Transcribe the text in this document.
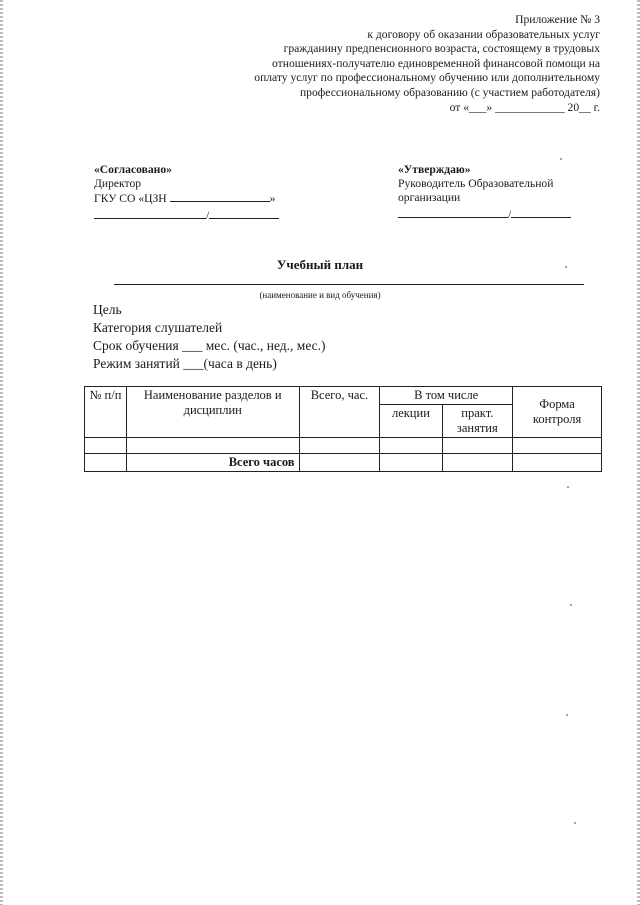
Приложение № 3
к договору об оказании образовательных услуг
гражданину предпенсионного возраста, состоящему в трудовых
отношениях-получателю единовременной финансовой помощи на
оплату услуг по профессиональному обучению или дополнительному
профессиональному образованию (с участием работодателя)
от «___» ____________ 20__ г.
«Согласовано»
Директор
ГКУ СО «ЦЗН	»
/
«Утверждаю»
Руководитель Образовательной
организации
/
Учебный план
(наименование и вид обучения)
Цель
Категория слушателей
Срок обучения ___ мес. (час., нед., мес.)
Режим занятий ___(часа в день)
№ п/п	Наименование разделов и дисциплин	Всего, час.	В том числе		Форма контроля
			лекции	практ. занятия	

	Всего часов				
